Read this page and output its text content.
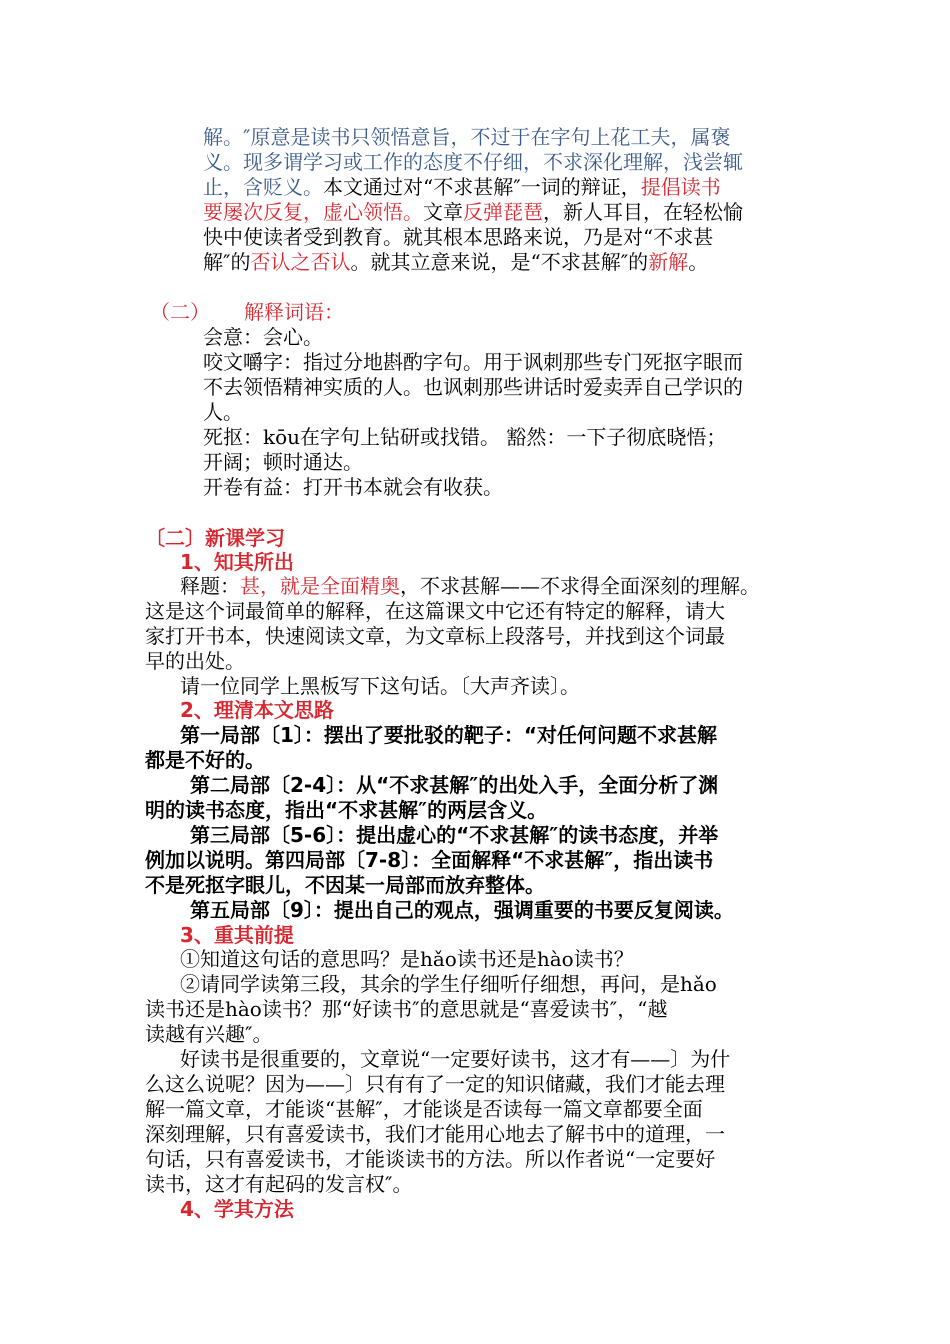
解。″原意是读书只领悟意旨，不过于在字句上花工夫，属褒
义。现多谓学习或工作的态度不仔细，不求深化理解，浅尝辄
止，含贬义。本文通过对“不求甚解″一词的辩证，提倡读书
要屡次反复，虚心领悟。文章反弹琵琶，新人耳目，在轻松愉
快中使读者受到教育。就其根本思路来说，乃是对“不求甚
解″的否认之否认。就其立意来说，是“不求甚解″的新解。
（二） 解释词语：
会意：会心。
咬文嚼字：指过分地斟酌字句。用于讽刺那些专门死抠字眼而
不去领悟精神实质的人。也讽刺那些讲话时爱卖弄自己学识的
人。
死抠：kōu在字句上钻研或找错。 豁然：一下子彻底晓悟；
开阔；顿时通达。
开卷有益：打开书本就会有收获。
〔二〕新课学习
1、知其所出
释题：甚，就是全面精奥，不求甚解——不求得全面深刻的理解。
这是这个词最简单的解释，在这篇课文中它还有特定的解释，请大
家打开书本，快速阅读文章，为文章标上段落号，并找到这个词最
早的出处。
请一位同学上黑板写下这句话。〔大声齐读〕。
2、理清本文思路
第一局部〔1〕：摆出了要批驳的靶子：“对任何问题不求甚解
都是不好的。
第二局部〔2-4〕：从“不求甚解″的出处入手，全面分析了渊
明的读书态度，指出“不求甚解″的两层含义。
第三局部〔5-6〕：提出虚心的“不求甚解″的读书态度，并举
例加以说明。第四局部〔7-8〕：全面解释“不求甚解″，指出读书
不是死抠字眼儿，不因某一局部而放弃整体。
第五局部〔9〕：提出自己的观点，强调重要的书要反复阅读。
3、重其前提
①知道这句话的意思吗？是hǎo读书还是hào读书？
②请同学读第三段，其余的学生仔细听仔细想，再问，是hǎo
读书还是hào读书？那“好读书″的意思就是“喜爱读书″，“越
读越有兴趣″。
好读书是很重要的，文章说“一定要好读书，这才有——〕为什
么这么说呢？因为——〕只有有了一定的知识储藏，我们才能去理
解一篇文章，才能谈“甚解″，才能谈是否读每一篇文章都要全面
深刻理解，只有喜爱读书，我们才能用心地去了解书中的道理，一
句话，只有喜爱读书，才能谈读书的方法。所以作者说“一定要好
读书，这才有起码的发言权″。
4、学其方法
